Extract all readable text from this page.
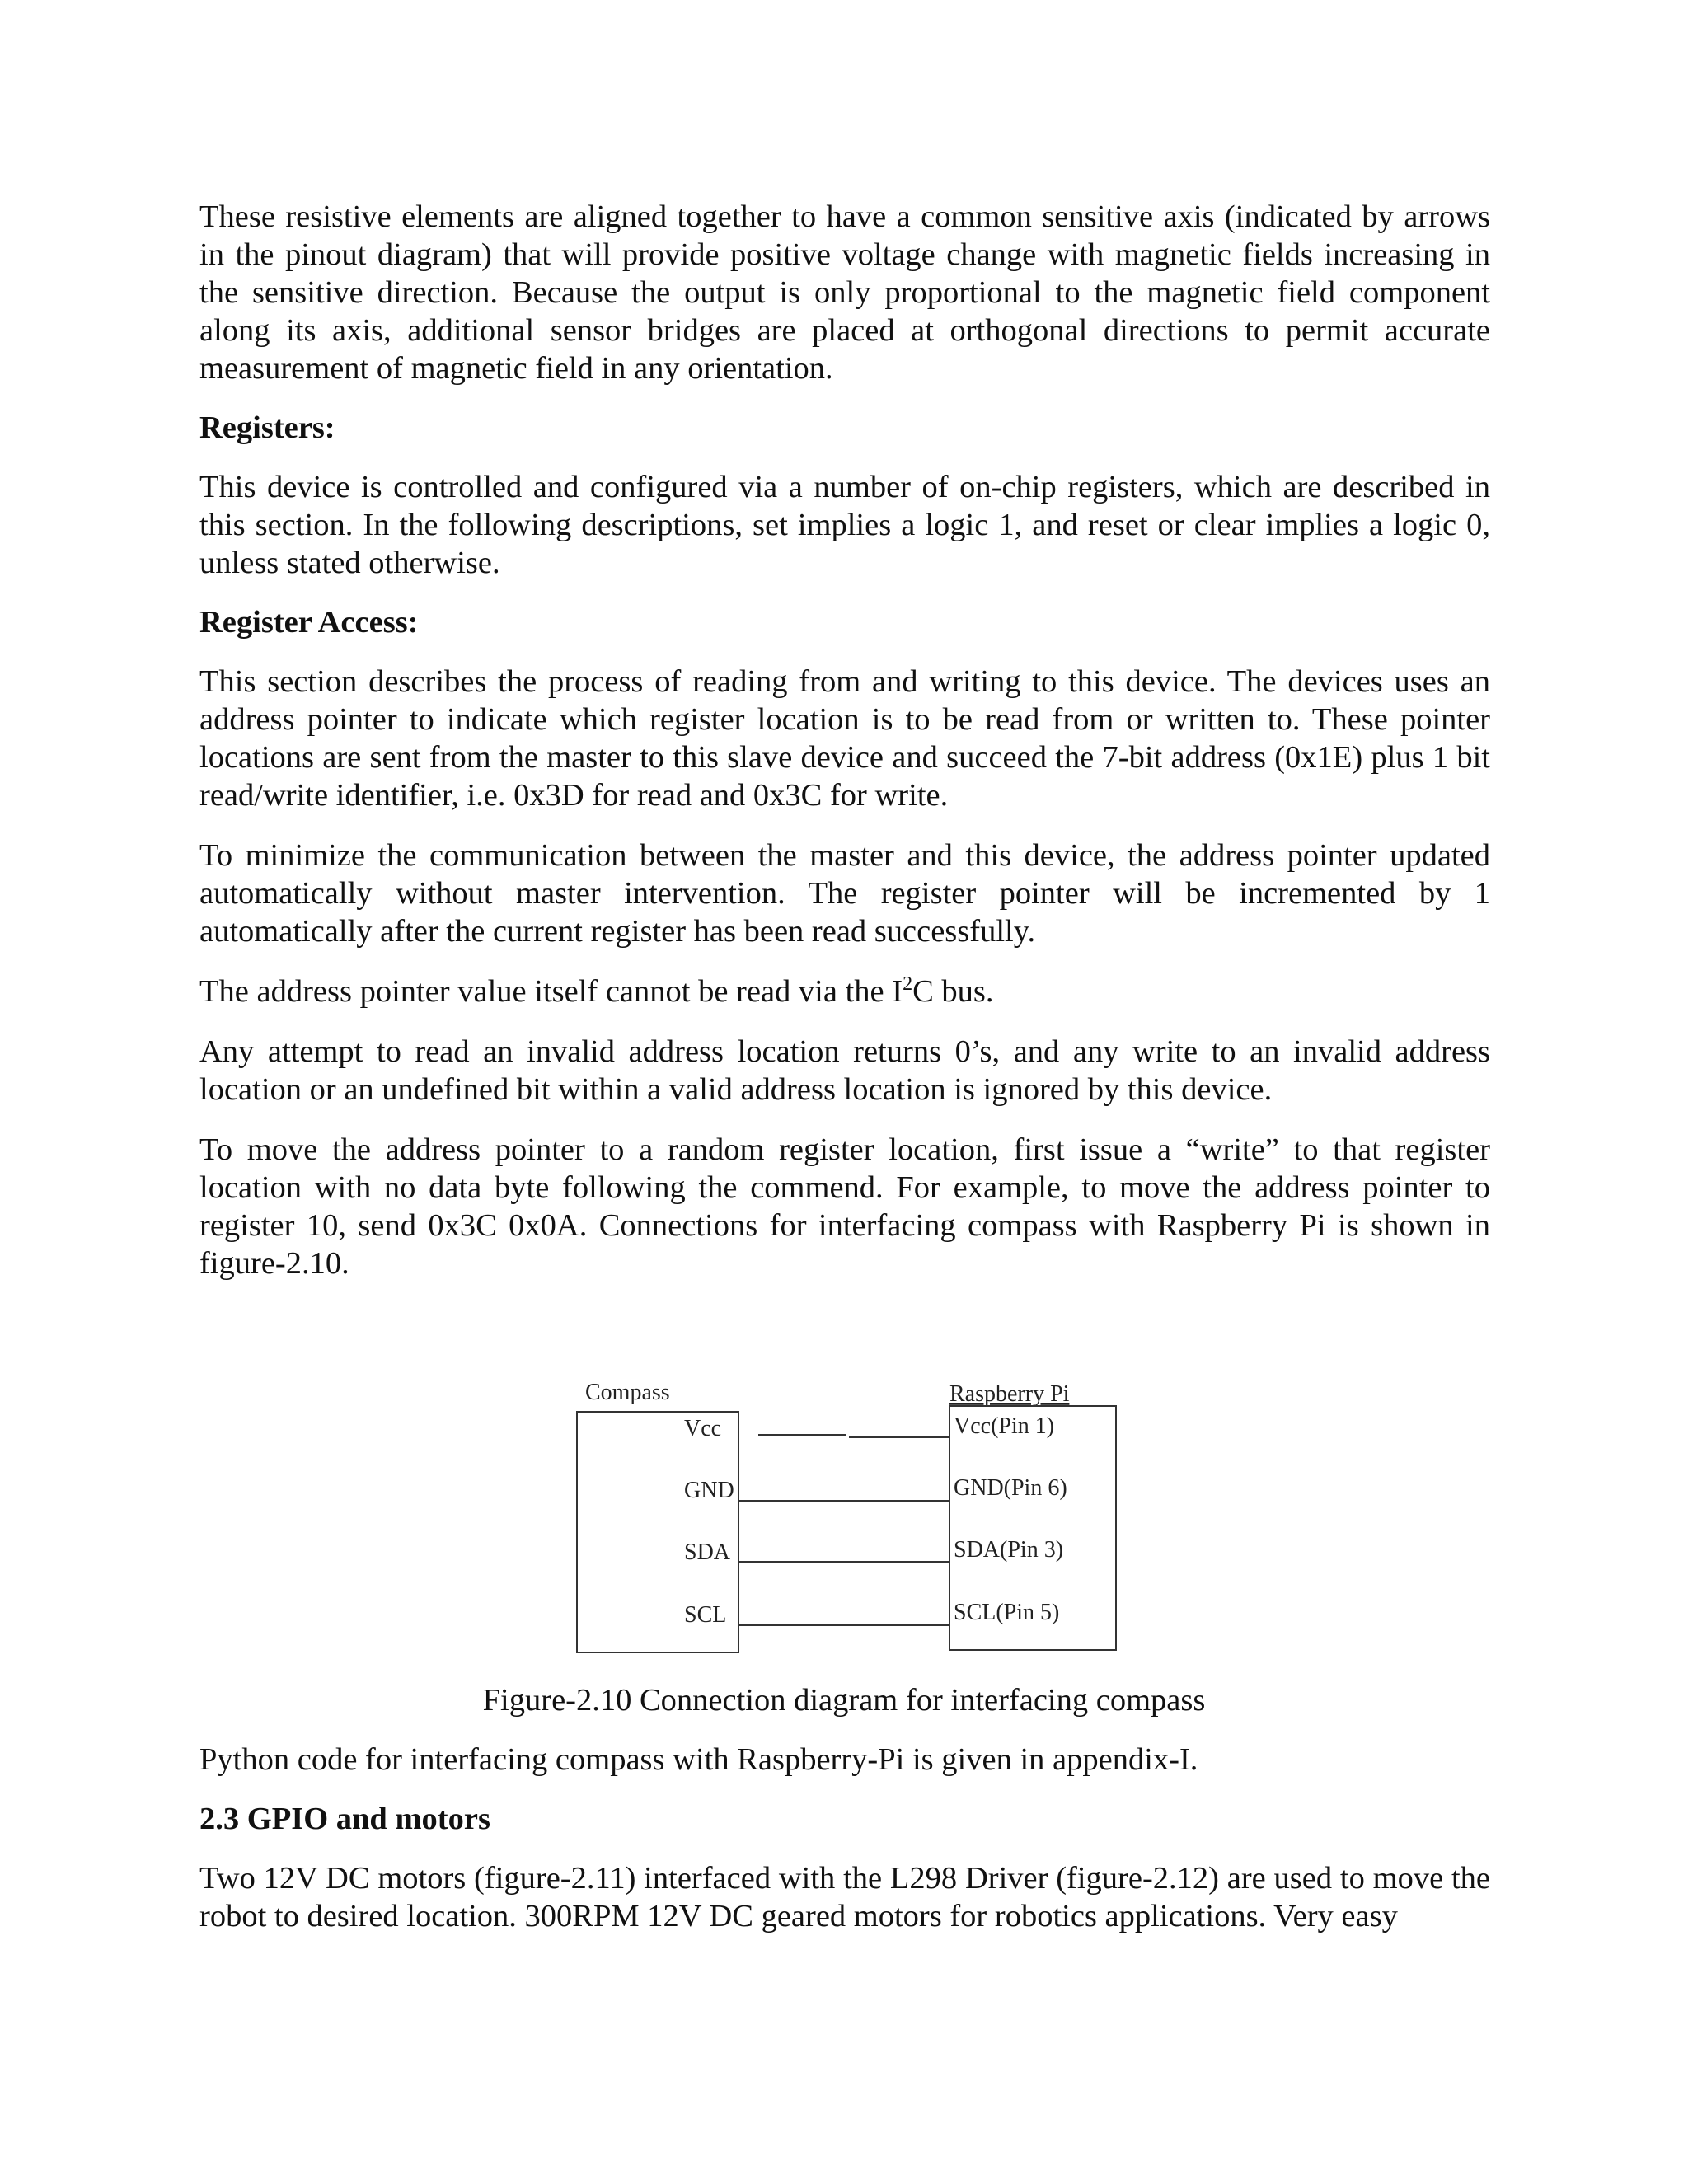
These resistive elements are aligned together to have a common sensitive axis (indicated by arrows in the pinout diagram) that will provide positive voltage change with magnetic fields increasing in the sensitive direction. Because the output is only proportional to the magnetic field component along its axis, additional sensor bridges are placed at orthogonal directions to permit accurate measurement of magnetic field in any orientation.

Registers:

This device is controlled and configured via a number of on-chip registers, which are described in this section. In the following descriptions, set implies a logic 1, and reset or clear implies a logic 0, unless stated otherwise.

Register Access:

This section describes the process of reading from and writing to this device. The devices uses an address pointer to indicate which register location is to be read from or written to. These pointer locations are sent from the master to this slave device and succeed the 7-bit address (0x1E) plus 1 bit read/write identifier, i.e. 0x3D for read and 0x3C for write.

To minimize the communication between the master and this device, the address pointer updated automatically without master intervention. The register pointer will be incremented by 1 automatically after the current register has been read successfully.

The address pointer value itself cannot be read via the $I^2C$ bus.

Any attempt to read an invalid address location returns 0’s, and any write to an invalid address location or an undefined bit within a valid address location is ignored by this device.

To move the address pointer to a random register location, first issue a “write” to that register location with no data byte following the commend. For example, to move the address pointer to register 10, send 0x3C 0x0A. Connections for interfacing compass with Raspberry Pi is shown in figure-2.10.

Compass	Raspberry Pi
Vcc
GND
SDA
SCL
Vcc(Pin 1)
GND(Pin 6)
SDA(Pin 3)
SCL(Pin 5)
Figure-2.10 Connection diagram for interfacing compass

Python code for interfacing compass with Raspberry-Pi is given in appendix-I.

2.3 GPIO and motors

Two 12V DC motors (figure-2.11) interfaced with the L298 Driver (figure-2.12) are used to move the robot to desired location. 300RPM 12V DC geared motors for robotics applications. Very easy
